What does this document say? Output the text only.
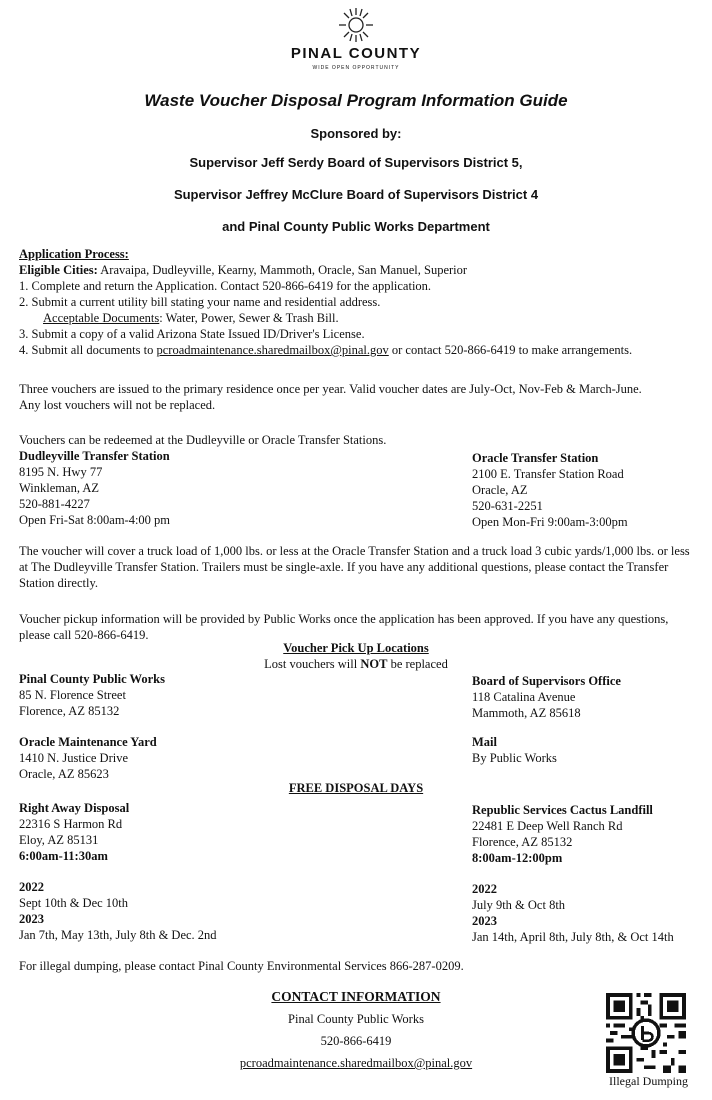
PINAL COUNTY
WIDE OPEN OPPORTUNITY
Waste Voucher Disposal Program Information Guide
Sponsored by:
Supervisor Jeff Serdy Board of Supervisors District 5,
Supervisor Jeffrey McClure Board of Supervisors District 4
and Pinal County Public Works Department
Application Process:
Eligible Cities: Aravaipa, Dudleyville, Kearny, Mammoth, Oracle, San Manuel, Superior
1. Complete and return the Application. Contact 520-866-6419 for the application.
2. Submit a current utility bill stating your name and residential address.
Acceptable Documents: Water, Power, Sewer & Trash Bill.
3. Submit a copy of a valid Arizona State Issued ID/Driver's License.
4. Submit all documents to pcroadmaintenance.sharedmailbox@pinal.gov or contact 520-866-6419 to make arrangements.
Three vouchers are issued to the primary residence once per year. Valid voucher dates are July-Oct, Nov-Feb & March-June. Any lost vouchers will not be replaced.
Vouchers can be redeemed at the Dudleyville or Oracle Transfer Stations.
Dudleyville Transfer Station
8195 N. Hwy 77
Winkleman, AZ
520-881-4227
Open Fri-Sat 8:00am-4:00 pm
Oracle Transfer Station
2100 E. Transfer Station Road
Oracle, AZ
520-631-2251
Open Mon-Fri 9:00am-3:00pm
The voucher will cover a truck load of 1,000 lbs. or less at the Oracle Transfer Station and a truck load 3 cubic yards/1,000 lbs. or less at The Dudleyville Transfer Station. Trailers must be single-axle. If you have any additional questions, please contact the Transfer Station directly.
Voucher pickup information will be provided by Public Works once the application has been approved. If you have any questions, please call 520-866-6419.
Voucher Pick Up Locations
Lost vouchers will NOT be replaced
Pinal County Public Works
85 N. Florence Street
Florence, AZ 85132
Board of Supervisors Office
118 Catalina Avenue
Mammoth, AZ 85618
Oracle Maintenance Yard
1410 N. Justice Drive
Oracle, AZ 85623
Mail
By Public Works
FREE DISPOSAL DAYS
Right Away Disposal
22316 S Harmon Rd
Eloy, AZ 85131
6:00am-11:30am
2022
Sept 10th & Dec 10th
2023
Jan 7th, May 13th, July 8th & Dec. 2nd
Republic Services Cactus Landfill
22481 E Deep Well Ranch Rd
Florence, AZ 85132
8:00am-12:00pm
2022
July 9th & Oct 8th
2023
Jan 14th, April 8th, July 8th, & Oct 14th
For illegal dumping, please contact Pinal County Environmental Services 866-287-0209.
CONTACT INFORMATION
Pinal County Public Works
520-866-6419
pcroadmaintenance.sharedmailbox@pinal.gov
Illegal Dumping
